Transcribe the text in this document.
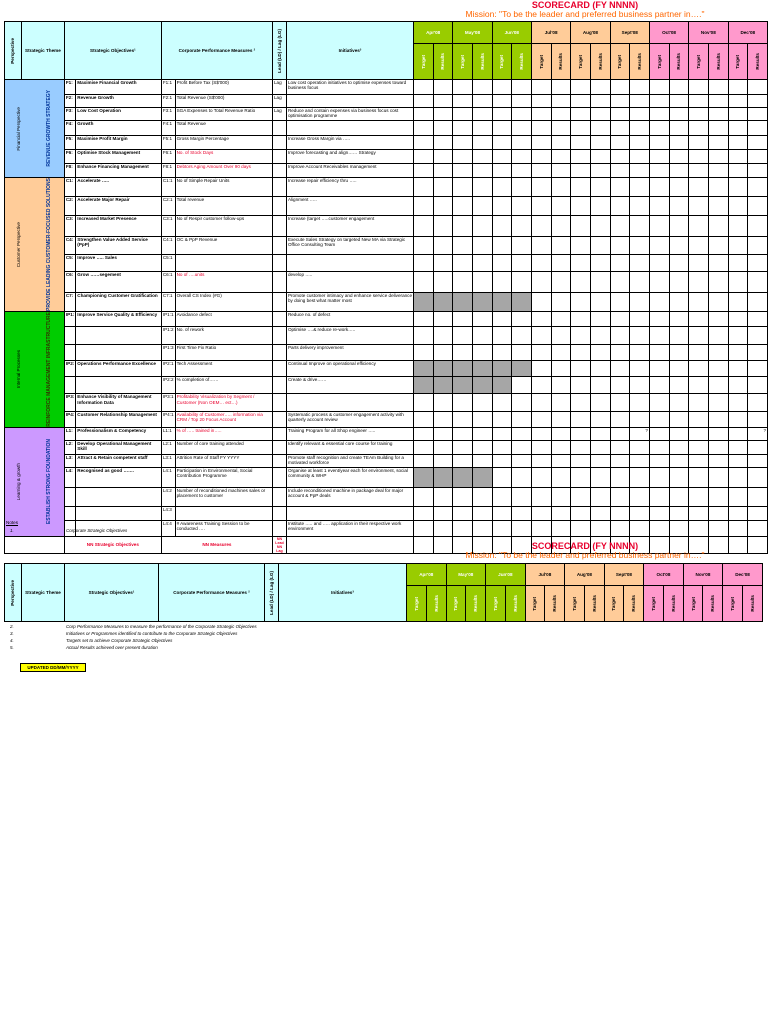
SCORECARD (FY NNNN)
Mission: "To be the leader and preferred business partner in…."
Perspective	Strategic Theme	Strategic Objectives¹		Corporate Performance Measures ²		Lead (LD) / Lag (LG)	Initiatives³	Apr'08		May'08		Jun'08		Jul'08		Aug'08		Sept'08		Oct'08		Nov'08		Dec'08	

								Target	Results	Target	Results	Target	Results	Target	Results	Target	Results	Target	Results	Target	Results	Target	Results	Target	Results

Financial Perspective REVENUE GROWTH STRATEGY		F1:	Maximise Financial Growth	F1:1	Profit Before Tax (S$'000)	Lag	Low cost operation initiatives to optimise expenses toward business focus																		
		F2:	Revenue Growth	F2:1	Total Revenue (S$'000)	Lag																			
		F3:	Low Cost Operation	F3:1	SGA Expenses to Total Revenue Ratio	Lag	Reduce and contain expenses via business focus cost optimisation programme																		
		F4:	Growth	F4:1	Total Revenue																				
		F5:	Maximise Profit Margin	F5:1	Gross Margin Percentage		Increase Gross Margin via …..																		
		F6:	Optimise Stock Management	F6:1	No. of Stock Days		Improve forecasting and align…… Strategy																		
		F8:	Enhance Financing Management	F8:1	Debtors Aging Amount Over 90 days		Improve Account Receivables management																		

Customer Perspective PROVIDE LEADING CUSTOMER-FOCUSED SOLUTIONS		C1:	Accelerate …..	C1:1	No of Simple Repair Units		Increase repair efficiency thru …..																		
		C2:	Accelerate Major Repair	C2:1	Total revenue		Alignment …..																		
		C3:	Increased Market Presence	C3:1	No of Respir customer follow-ups		Increase (target …..customer engagement																		
		C4:	Strengthen Value Added Service (PpP)	C4:1	OC & PpP Revenue		Execute Sales Strategy on targeted New MA via Strategic Office Consulting Team																		
		C5:	Improve ….. Sales	C5:1																					
		C6:	Grow ……segement	C6:1	No of ….units		develop …..																		
		C7:	Championing Customer Gratification	C7:1	Overall CS Index (#G)		Promote customer intimacy and enhance service deliverance by doing best what matter most																		

Internal Processes REINFORCE MANAGEMENT INFRASTRUCTURE		IP1:	Improve Service Quality & Efficiency	IP1:1	Avoidance defect		Reduce no. of defect																		
				IP1:2	No. of rework		Optimise ….& reduce re-work…..																		
				IP1:3	First Time Fix Ratio		Parts delivery improvement																		
		IP2:	Operations Performance Excellence	IP2:1	Tech Assessment		Continual Improve on operational efficiency																		
				IP2:2	% completion of……		Create & drive……																		
		IP3:	Enhance Visibility of Management Information Data	IP3:1	Profitability Visualization by Segment / Customer (Non OEM… ect…)																				
		IP4:	Customer Relationship Management	IP4:1	Availability of Customer….. information via CRM / Top 20 Focus Account		Systematic process & customer engagement activity with quarterly account review																		

Learning & growth ESTABLISH STRONG FOUNDATION		L1:	Professionalism & Competency	L1:1	% of ….. trained in…..		Training Program for all Shop engineer …..												?						?
		L2:	Develop Operational Management Skill	L2:1	Number of core training attended		Identify relevant & essential core course for training																		
		L3:	Attract & Retain competent staff	L3:1	Attrition Rate of Staff FY YYYY		Promote staff recognition and create TEAm Building for a motivated workforce																		
		L4:	Recognised as good …….	L4:1	Participation in Environmental, Social Contribution Programme		Organise at least 1 event/year each for environment, social community & WHP																		
				L4:2	Number of reconditioned machines sales or placement to customer		Include reconditioned machine in package deal for major account & PpP deals																		
				L4:3																					
				L4:4	# Awareness Training Session to be conducted ….		Institute ….. and ….. application in their respective work environment																		
		NN Strategic Objectives		NN Measures		NN Lead NN Lag																			
Notes
1.	Corporate Strategic Objectives
SCORECARD (FY NNNN)
Mission: "To be the leader and preferred business partner in…."
Perspective	Strategic Theme	Strategic Objectives¹	Corporate Performance Measures ²	Lead (LD) / Lag (LG)	Initiatives³	Apr'08		May'08		Jun'08		Jul'08		Aug'08		Sept'08		Oct'08		Nov'08		Dec'08	

						Target	Results	Target	Results	Target	Results	Target	Results	Target	Results	Target	Results	Target	Results	Target	Results	Target	Results
2.	Corp Performance Measures to measure the performance of the Corporate Strategic Objectives
3.	Initiatives or Programmes identified to contribute to the Corporate Strategic Objectives
4.	Targets set to achieve Corporate Strategic Objectives
5.	Actual Results achieved over present duration
UPDATED DD/MM/YYYY
